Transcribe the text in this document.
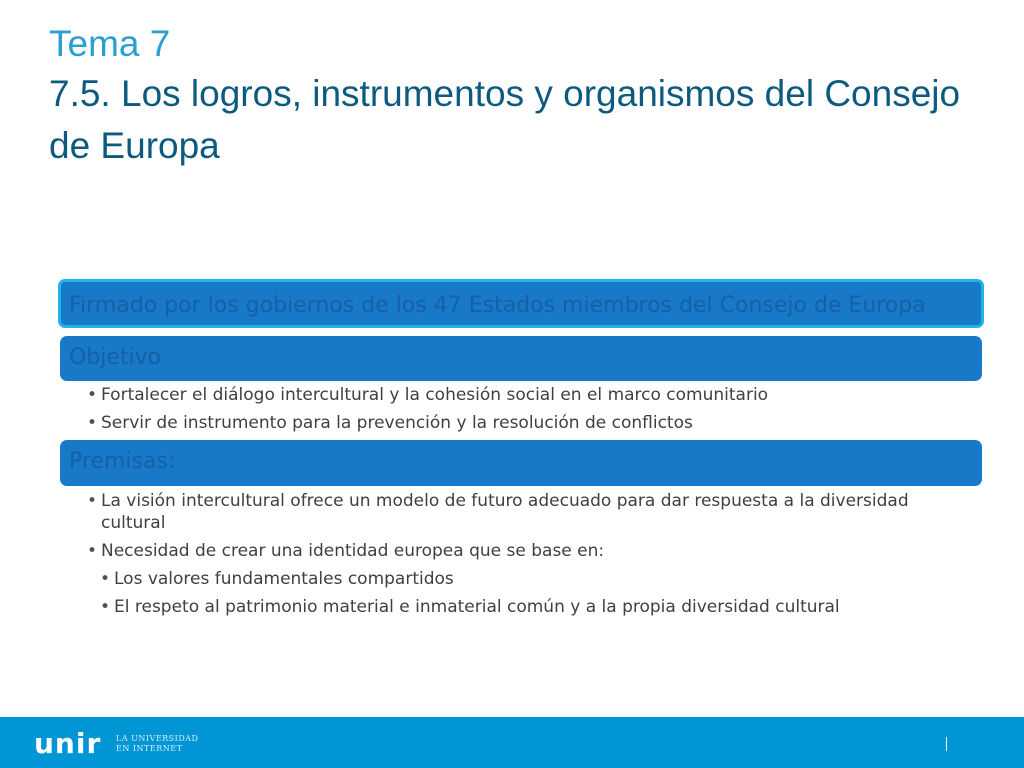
Tema 7
7.5. Los logros, instrumentos y organismos del Consejo de Europa
Firmado por los gobiernos de los 47 Estados miembros del Consejo de Europa
Objetivo
• Fortalecer el diálogo intercultural y la cohesión social en el marco comunitario
• Servir de instrumento para la prevención y la resolución de conflictos
Premisas:
• La visión intercultural ofrece un modelo de futuro adecuado para dar respuesta a la diversidad cultural
• Necesidad de crear una identidad europea que se base en:
• Los valores fundamentales compartidos
• El respeto al patrimonio material e inmaterial común y a la propia diversidad cultural
unir LA UNIVERSIDAD
EN INTERNET
